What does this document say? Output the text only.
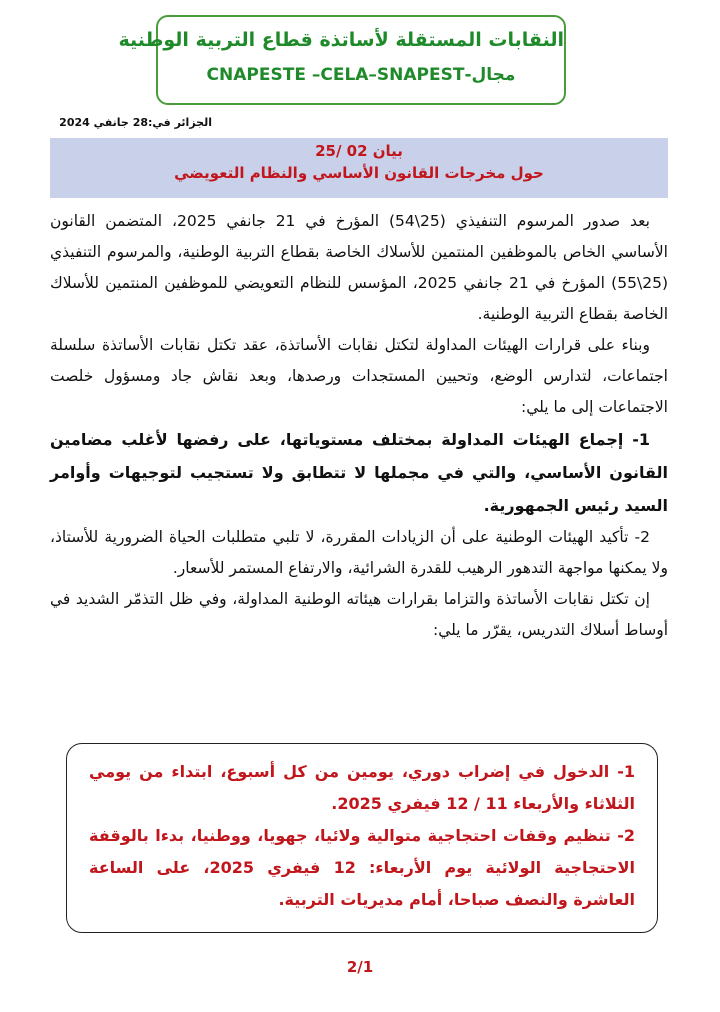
النقابات المستقلة لأساتذة قطاع التربية الوطنية
مجال-CNAPESTE –CELA–SNAPEST
الجزائر في:28 جانفي 2024
بيان 02 /25
حول مخرجات القانون الأساسي والنظام التعويضي

بعد صدور المرسوم التنفيذي (25\54) المؤرخ في 21 جانفي 2025، المتضمن القانون الأساسي الخاص بالموظفين المنتمين للأسلاك الخاصة بقطاع التربية الوطنية، والمرسوم التنفيذي (25\55) المؤرخ في 21 جانفي 2025، المؤسس للنظام التعويضي للموظفين المنتمين للأسلاك الخاصة بقطاع التربية الوطنية.

وبناء على قرارات الهيئات المداولة لتكتل نقابات الأساتذة، عقد تكتل نقابات الأساتذة سلسلة اجتماعات، لتدارس الوضع، وتحيين المستجدات ورصدها، وبعد نقاش جاد ومسؤول خلصت الاجتماعات إلى ما يلي:

1- إجماع الهيئات المداولة بمختلف مستوياتها، على رفضها لأغلب مضامين القانون الأساسي، والتي في مجملها لا تتطابق ولا تستجيب لتوجيهات وأوامر السيد رئيس الجمهورية.

2- تأكيد الهيئات الوطنية على أن الزيادات المقررة، لا تلبي متطلبات الحياة الضرورية للأستاذ، ولا يمكنها مواجهة التدهور الرهيب للقدرة الشرائية، والارتفاع المستمر للأسعار.

إن تكتل نقابات الأساتذة والتزاما بقرارات هيئاته الوطنية المداولة، وفي ظل التذمّر الشديد في أوساط أسلاك التدريس، يقرّر ما يلي:

1- الدخول في إضراب دوري، يومين من كل أسبوع، ابتداء من يومي الثلاثاء والأربعاء 11 / 12 فيفري 2025.

2- تنظيم وقفات احتجاجية متوالية ولائيا، جهويا، ووطنيا، بدءا بالوقفة الاحتجاجية الولائية يوم الأربعاء: 12 فيفري 2025، على الساعة العاشرة والنصف صباحا، أمام مديريات التربية.

2/1
